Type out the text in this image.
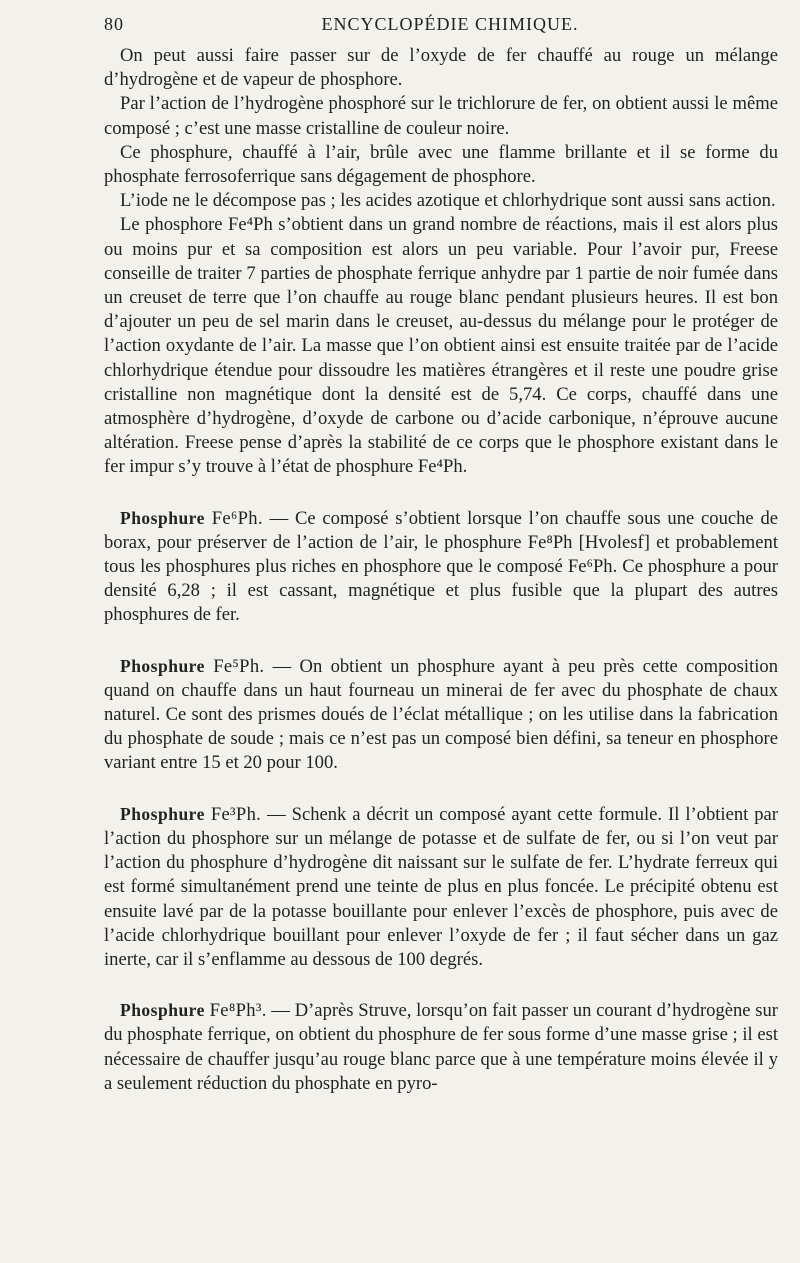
80	ENCYCLOPÉDIE CHIMIQUE.

On peut aussi faire passer sur de l’oxyde de fer chauffé au rouge un mélange d’hydrogène et de vapeur de phosphore.

Par l’action de l’hydrogène phosphoré sur le trichlorure de fer, on obtient aussi le même composé ; c’est une masse cristalline de couleur noire.

Ce phosphure, chauffé à l’air, brûle avec une flamme brillante et il se forme du phosphate ferrosoferrique sans dégagement de phosphore.

L’iode ne le décompose pas ; les acides azotique et chlorhydrique sont aussi sans action.

Le phosphore Fe⁴Ph s’obtient dans un grand nombre de réactions, mais il est alors plus ou moins pur et sa composition est alors un peu variable. Pour l’avoir pur, Freese conseille de traiter 7 parties de phosphate ferrique anhydre par 1 partie de noir fumée dans un creuset de terre que l’on chauffe au rouge blanc pendant plusieurs heures. Il est bon d’ajouter un peu de sel marin dans le creuset, au-dessus du mélange pour le protéger de l’action oxydante de l’air. La masse que l’on obtient ainsi est ensuite traitée par de l’acide chlorhydrique étendue pour dissoudre les matières étrangères et il reste une poudre grise cristalline non magnétique dont la densité est de 5,74. Ce corps, chauffé dans une atmosphère d’hydrogène, d’oxyde de carbone ou d’acide carbonique, n’éprouve aucune altération. Freese pense d’après la stabilité de ce corps que le phosphore existant dans le fer impur s’y trouve à l’état de phosphure Fe⁴Ph.

Phosphure Fe⁶Ph. — Ce composé s’obtient lorsque l’on chauffe sous une couche de borax, pour préserver de l’action de l’air, le phosphure Fe⁸Ph [Hvolesf] et probablement tous les phosphures plus riches en phosphore que le composé Fe⁶Ph. Ce phosphure a pour densité 6,28 ; il est cassant, magnétique et plus fusible que la plupart des autres phosphures de fer.

Phosphure Fe⁵Ph. — On obtient un phosphure ayant à peu près cette composition quand on chauffe dans un haut fourneau un minerai de fer avec du phosphate de chaux naturel. Ce sont des prismes doués de l’éclat métallique ; on les utilise dans la fabrication du phosphate de soude ; mais ce n’est pas un composé bien défini, sa teneur en phosphore variant entre 15 et 20 pour 100.

Phosphure Fe³Ph. — Schenk a décrit un composé ayant cette formule. Il l’obtient par l’action du phosphore sur un mélange de potasse et de sulfate de fer, ou si l’on veut par l’action du phosphure d’hydrogène dit naissant sur le sulfate de fer. L’hydrate ferreux qui est formé simultanément prend une teinte de plus en plus foncée. Le précipité obtenu est ensuite lavé par de la potasse bouillante pour enlever l’excès de phosphore, puis avec de l’acide chlorhydrique bouillant pour enlever l’oxyde de fer ; il faut sécher dans un gaz inerte, car il s’enflamme au dessous de 100 degrés.

Phosphure Fe⁸Ph³. — D’après Struve, lorsqu’on fait passer un courant d’hydrogène sur du phosphate ferrique, on obtient du phosphure de fer sous forme d’une masse grise ; il est nécessaire de chauffer jusqu’au rouge blanc parce que à une température moins élevée il y a seulement réduction du phosphate en pyro-
